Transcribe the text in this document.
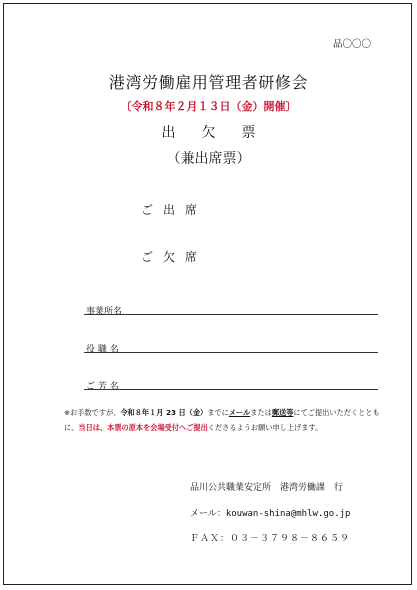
品〇〇〇
港湾労働雇用管理者研修会
〔令和８年２月１３日（金）開催〕
出欠票
（兼出席票）
ご出席
ご欠席
事業所名
役 職 名
ご 芳 名
※お手数ですが、令和８年１月 23 日（金）までにメールまたは郵送等にてご提出いただくとともに、当日は、本票の原本を会場受付へご提出くださるようお願い申し上げます。
品川公共職業安定所　港湾労働課　行
メール：kouwan-shina@mhlw.go.jp
ＦＡＸ：０３－３７９８－８６５９
